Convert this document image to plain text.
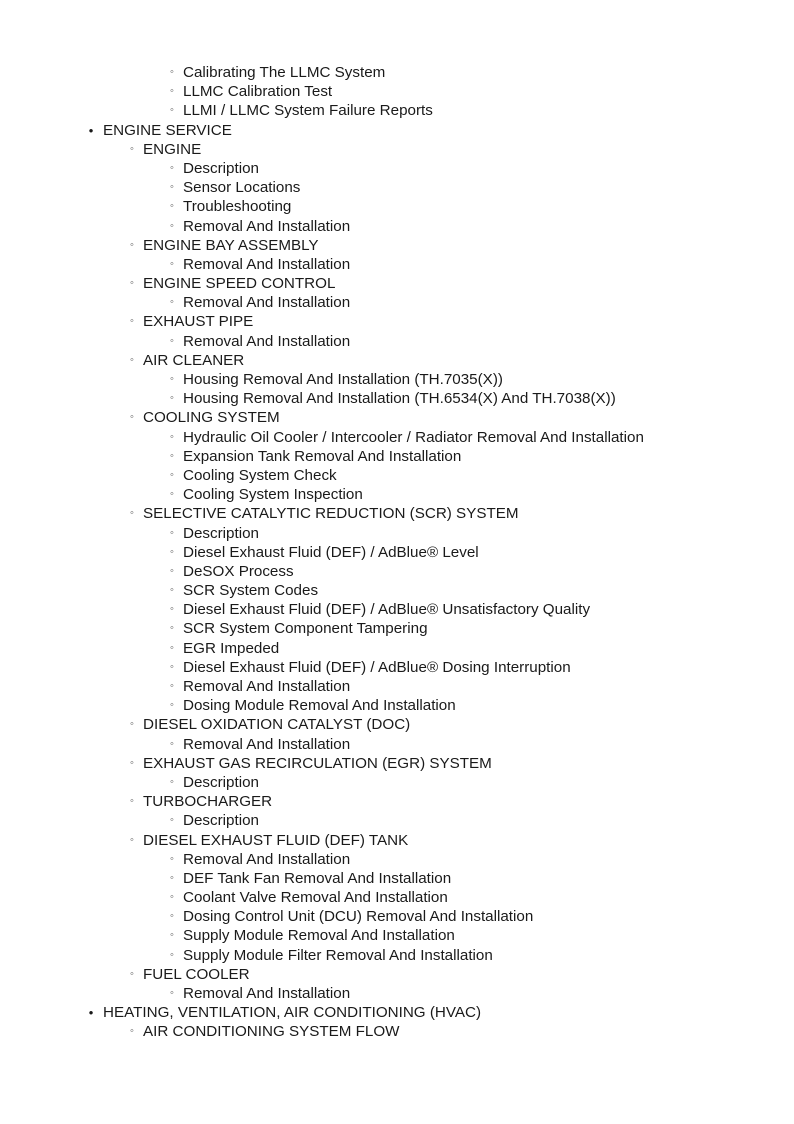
◦ Calibrating The LLMC System
◦ LLMC Calibration Test
◦ LLMI / LLMC System Failure Reports
• ENGINE SERVICE
◦ ENGINE
◦ Description
◦ Sensor Locations
◦ Troubleshooting
◦ Removal And Installation
◦ ENGINE BAY ASSEMBLY
◦ Removal And Installation
◦ ENGINE SPEED CONTROL
◦ Removal And Installation
◦ EXHAUST PIPE
◦ Removal And Installation
◦ AIR CLEANER
◦ Housing Removal And Installation (TH.7035(X))
◦ Housing Removal And Installation (TH.6534(X) And TH.7038(X))
◦ COOLING SYSTEM
◦ Hydraulic Oil Cooler / Intercooler / Radiator Removal And Installation
◦ Expansion Tank Removal And Installation
◦ Cooling System Check
◦ Cooling System Inspection
◦ SELECTIVE CATALYTIC REDUCTION (SCR) SYSTEM
◦ Description
◦ Diesel Exhaust Fluid (DEF) / AdBlue® Level
◦ DeSOX Process
◦ SCR System Codes
◦ Diesel Exhaust Fluid (DEF) / AdBlue® Unsatisfactory Quality
◦ SCR System Component Tampering
◦ EGR Impeded
◦ Diesel Exhaust Fluid (DEF) / AdBlue® Dosing Interruption
◦ Removal And Installation
◦ Dosing Module Removal And Installation
◦ DIESEL OXIDATION CATALYST (DOC)
◦ Removal And Installation
◦ EXHAUST GAS RECIRCULATION (EGR) SYSTEM
◦ Description
◦ TURBOCHARGER
◦ Description
◦ DIESEL EXHAUST FLUID (DEF) TANK
◦ Removal And Installation
◦ DEF Tank Fan Removal And Installation
◦ Coolant Valve Removal And Installation
◦ Dosing Control Unit (DCU) Removal And Installation
◦ Supply Module Removal And Installation
◦ Supply Module Filter Removal And Installation
◦ FUEL COOLER
◦ Removal And Installation
• HEATING, VENTILATION, AIR CONDITIONING (HVAC)
◦ AIR CONDITIONING SYSTEM FLOW
